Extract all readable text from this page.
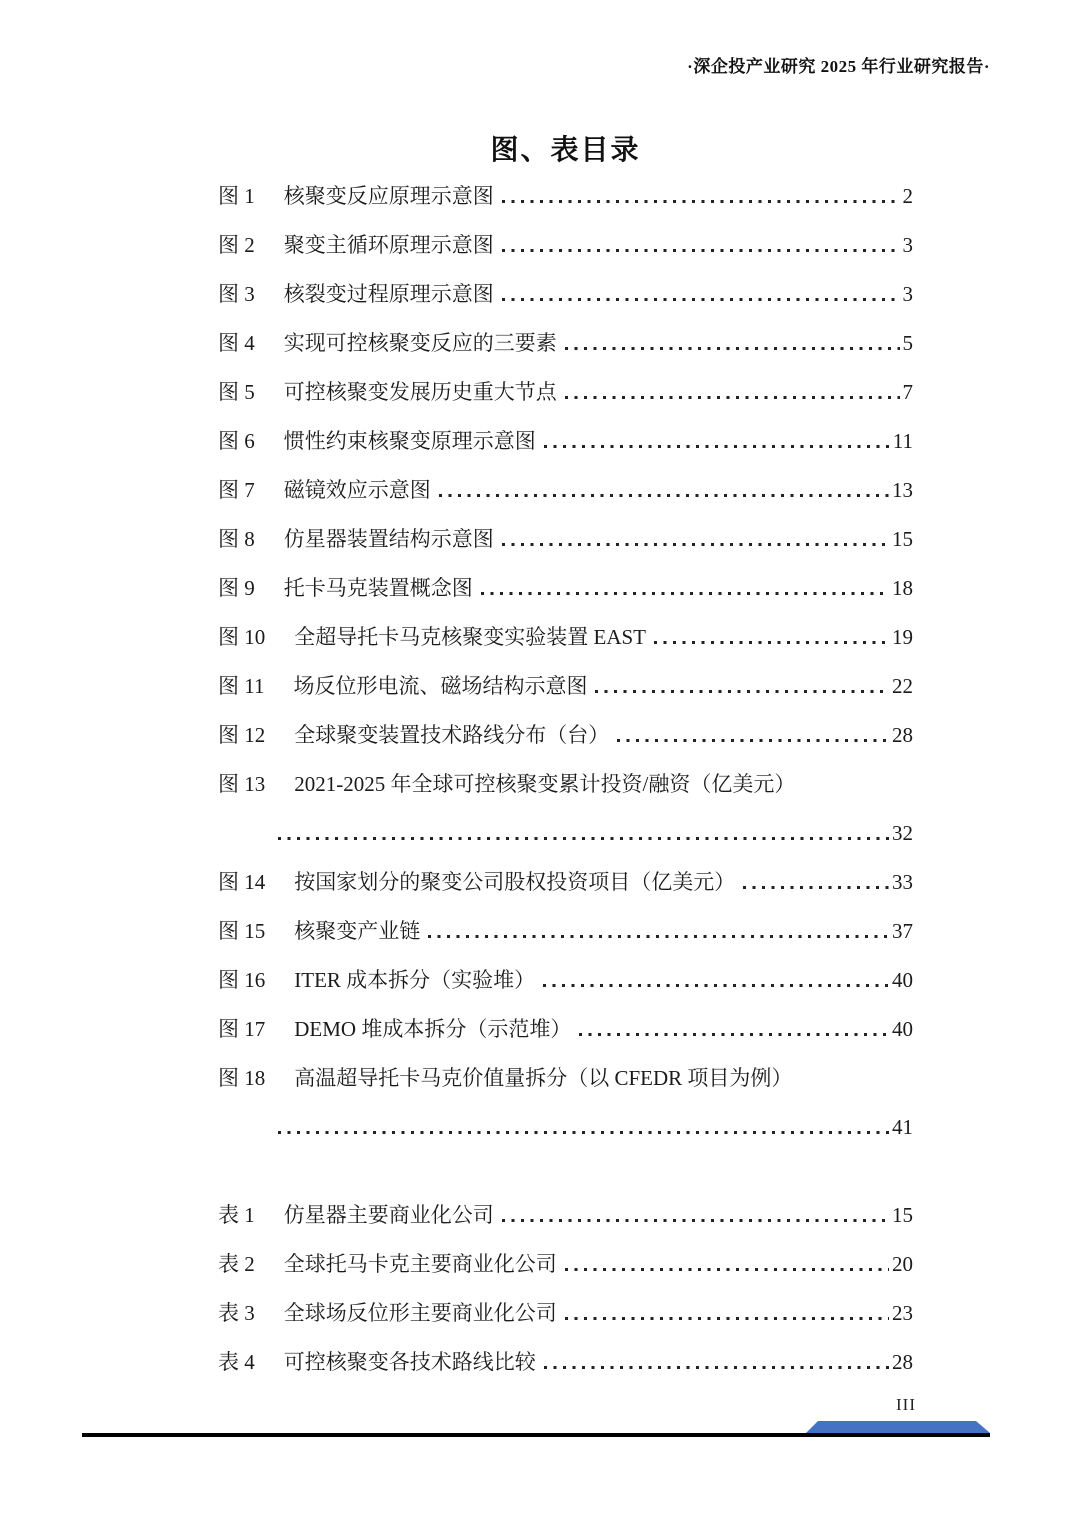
·深企投产业研究 2025 年行业研究报告·
图、表目录
图 1 核聚变反应原理示意图	2
图 2 聚变主循环原理示意图	3
图 3 核裂变过程原理示意图	3
图 4 实现可控核聚变反应的三要素	5
图 5 可控核聚变发展历史重大节点	7
图 6 惯性约束核聚变原理示意图	11
图 7 磁镜效应示意图	13
图 8 仿星器装置结构示意图	15
图 9 托卡马克装置概念图	18
图 10 全超导托卡马克核聚变实验装置 EAST	19
图 11 场反位形电流、磁场结构示意图	22
图 12 全球聚变装置技术路线分布（台）	28
图 13 2021-2025 年全球可控核聚变累计投资/融资（亿美元）
32
图 14 按国家划分的聚变公司股权投资项目（亿美元）	33
图 15 核聚变产业链	37
图 16 ITER 成本拆分（实验堆）	40
图 17 DEMO 堆成本拆分（示范堆）	40
图 18 高温超导托卡马克价值量拆分（以 CFEDR 项目为例）
41
表 1 仿星器主要商业化公司	15
表 2 全球托马卡克主要商业化公司	20
表 3 全球场反位形主要商业化公司	23
表 4 可控核聚变各技术路线比较	28
III
